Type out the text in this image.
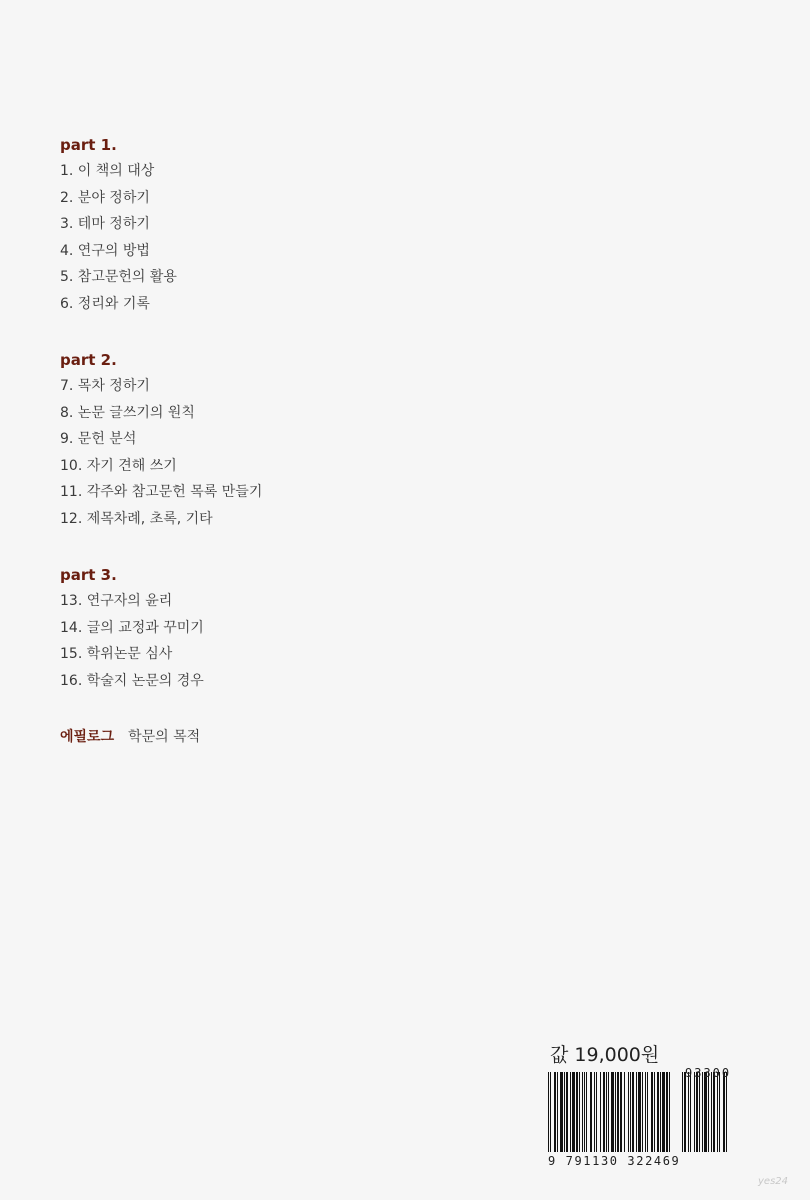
part 1.
1. 이 책의 대상
2. 분야 정하기
3. 테마 정하기
4. 연구의 방법
5. 참고문헌의 활용
6. 정리와 기록
part 2.
7. 목차 정하기
8. 논문 글쓰기의 원칙
9. 문헌 분석
10. 자기 견해 쓰기
11. 각주와 참고문헌 목록 만들기
12. 제목차례, 초록, 기타
part 3.
13. 연구자의 윤리
14. 글의 교정과 꾸미기
15. 학위논문 심사
16. 학술지 논문의 경우
에필로그 학문의 목적
값 19,000원
9 791130 322469
93300
yes24
